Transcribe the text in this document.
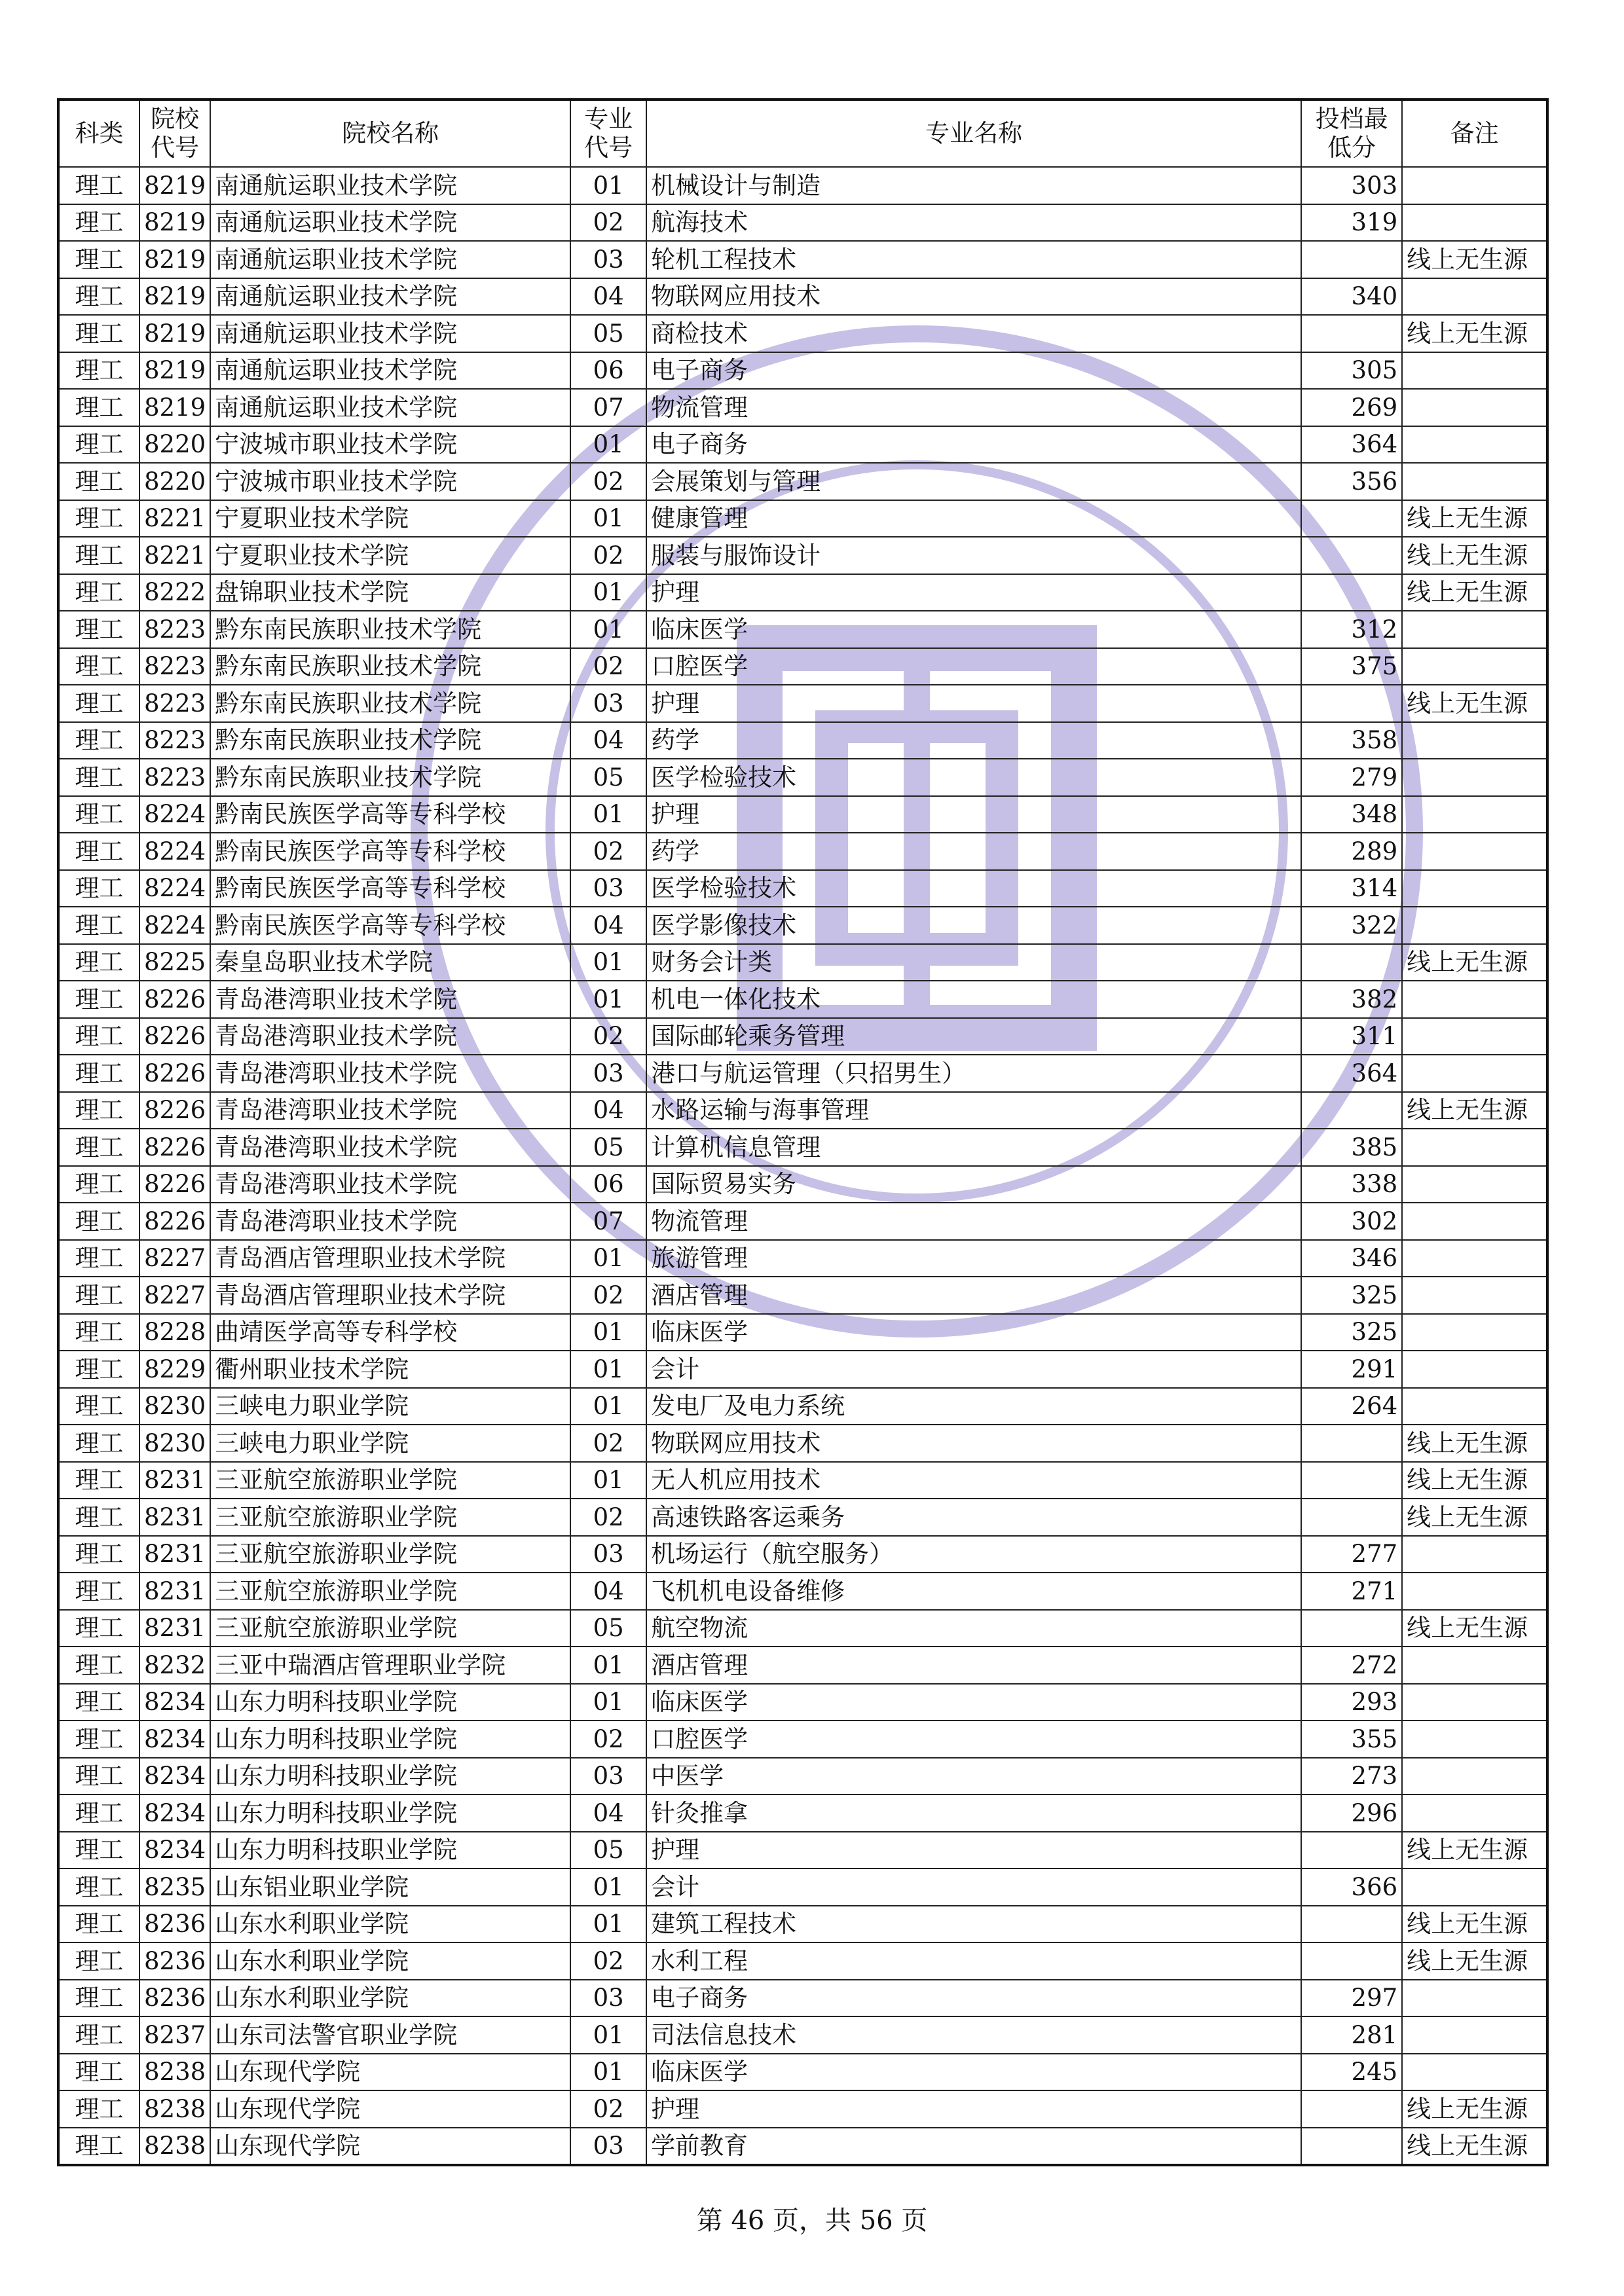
科类	院校代号	院校名称	专业代号	专业名称	投档最低分	备注
理工	8219	南通航运职业技术学院	01	机械设计与制造	303	
理工	8219	南通航运职业技术学院	02	航海技术	319	
理工	8219	南通航运职业技术学院	03	轮机工程技术		线上无生源
理工	8219	南通航运职业技术学院	04	物联网应用技术	340	
理工	8219	南通航运职业技术学院	05	商检技术		线上无生源
理工	8219	南通航运职业技术学院	06	电子商务	305	
理工	8219	南通航运职业技术学院	07	物流管理	269	
理工	8220	宁波城市职业技术学院	01	电子商务	364	
理工	8220	宁波城市职业技术学院	02	会展策划与管理	356	
理工	8221	宁夏职业技术学院	01	健康管理		线上无生源
理工	8221	宁夏职业技术学院	02	服装与服饰设计		线上无生源
理工	8222	盘锦职业技术学院	01	护理		线上无生源
理工	8223	黔东南民族职业技术学院	01	临床医学	312	
理工	8223	黔东南民族职业技术学院	02	口腔医学	375	
理工	8223	黔东南民族职业技术学院	03	护理		线上无生源
理工	8223	黔东南民族职业技术学院	04	药学	358	
理工	8223	黔东南民族职业技术学院	05	医学检验技术	279	
理工	8224	黔南民族医学高等专科学校	01	护理	348	
理工	8224	黔南民族医学高等专科学校	02	药学	289	
理工	8224	黔南民族医学高等专科学校	03	医学检验技术	314	
理工	8224	黔南民族医学高等专科学校	04	医学影像技术	322	
理工	8225	秦皇岛职业技术学院	01	财务会计类		线上无生源
理工	8226	青岛港湾职业技术学院	01	机电一体化技术	382	
理工	8226	青岛港湾职业技术学院	02	国际邮轮乘务管理	311	
理工	8226	青岛港湾职业技术学院	03	港口与航运管理（只招男生）	364	
理工	8226	青岛港湾职业技术学院	04	水路运输与海事管理		线上无生源
理工	8226	青岛港湾职业技术学院	05	计算机信息管理	385	
理工	8226	青岛港湾职业技术学院	06	国际贸易实务	338	
理工	8226	青岛港湾职业技术学院	07	物流管理	302	
理工	8227	青岛酒店管理职业技术学院	01	旅游管理	346	
理工	8227	青岛酒店管理职业技术学院	02	酒店管理	325	
理工	8228	曲靖医学高等专科学校	01	临床医学	325	
理工	8229	衢州职业技术学院	01	会计	291	
理工	8230	三峡电力职业学院	01	发电厂及电力系统	264	
理工	8230	三峡电力职业学院	02	物联网应用技术		线上无生源
理工	8231	三亚航空旅游职业学院	01	无人机应用技术		线上无生源
理工	8231	三亚航空旅游职业学院	02	高速铁路客运乘务		线上无生源
理工	8231	三亚航空旅游职业学院	03	机场运行（航空服务）	277	
理工	8231	三亚航空旅游职业学院	04	飞机机电设备维修	271	
理工	8231	三亚航空旅游职业学院	05	航空物流		线上无生源
理工	8232	三亚中瑞酒店管理职业学院	01	酒店管理	272	
理工	8234	山东力明科技职业学院	01	临床医学	293	
理工	8234	山东力明科技职业学院	02	口腔医学	355	
理工	8234	山东力明科技职业学院	03	中医学	273	
理工	8234	山东力明科技职业学院	04	针灸推拿	296	
理工	8234	山东力明科技职业学院	05	护理		线上无生源
理工	8235	山东铝业职业学院	01	会计	366	
理工	8236	山东水利职业学院	01	建筑工程技术		线上无生源
理工	8236	山东水利职业学院	02	水利工程		线上无生源
理工	8236	山东水利职业学院	03	电子商务	297	
理工	8237	山东司法警官职业学院	01	司法信息技术	281	
理工	8238	山东现代学院	01	临床医学	245	
理工	8238	山东现代学院	02	护理		线上无生源
理工	8238	山东现代学院	03	学前教育		线上无生源
第 46 页，共 56 页
